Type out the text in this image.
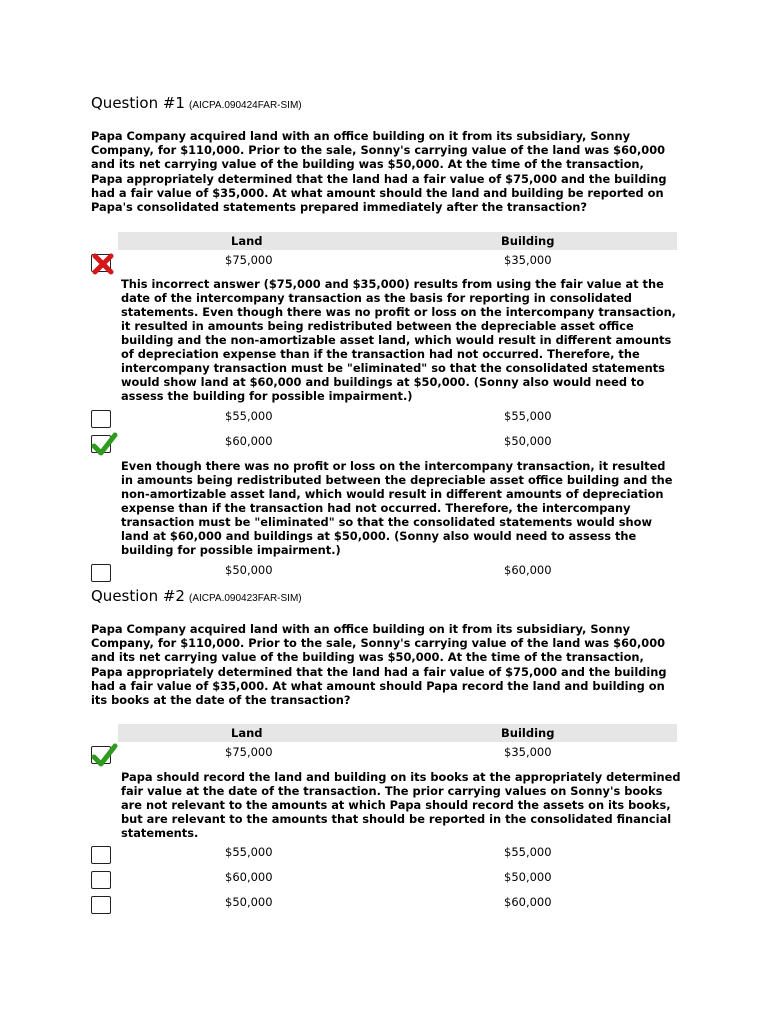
Question #1 (AICPA.090424FAR-SIM)
Papa Company acquired land with an office building on it from its subsidiary, Sonny Company, for $110,000. Prior to the sale, Sonny's carrying value of the land was $60,000 and its net carrying value of the building was $50,000. At the time of the transaction, Papa appropriately determined that the land had a fair value of $75,000 and the building had a fair value of $35,000. At what amount should the land and building be reported on Papa's consolidated statements prepared immediately after the transaction?
Land	Building
$75,000	$35,000
This incorrect answer ($75,000 and $35,000) results from using the fair value at the date of the intercompany transaction as the basis for reporting in consolidated statements. Even though there was no profit or loss on the intercompany transaction, it resulted in amounts being redistributed between the depreciable asset office building and the non-amortizable asset land, which would result in different amounts of depreciation expense than if the transaction had not occurred. Therefore, the intercompany transaction must be "eliminated" so that the consolidated statements would show land at $60,000 and buildings at $50,000. (Sonny also would need to assess the building for possible impairment.)
$55,000	$55,000
$60,000	$50,000
Even though there was no profit or loss on the intercompany transaction, it resulted in amounts being redistributed between the depreciable asset office building and the non-amortizable asset land, which would result in different amounts of depreciation expense than if the transaction had not occurred. Therefore, the intercompany transaction must be "eliminated" so that the consolidated statements would show land at $60,000 and buildings at $50,000. (Sonny also would need to assess the building for possible impairment.)
$50,000	$60,000
Question #2 (AICPA.090423FAR-SIM)
Papa Company acquired land with an office building on it from its subsidiary, Sonny Company, for $110,000. Prior to the sale, Sonny's carrying value of the land was $60,000 and its net carrying value of the building was $50,000. At the time of the transaction, Papa appropriately determined that the land had a fair value of $75,000 and the building had a fair value of $35,000. At what amount should Papa record the land and building on its books at the date of the transaction?
Land	Building
$75,000	$35,000
Papa should record the land and building on its books at the appropriately determined fair value at the date of the transaction. The prior carrying values on Sonny's books are not relevant to the amounts at which Papa should record the assets on its books, but are relevant to the amounts that should be reported in the consolidated financial statements.
$55,000	$55,000
$60,000	$50,000
$50,000	$60,000
